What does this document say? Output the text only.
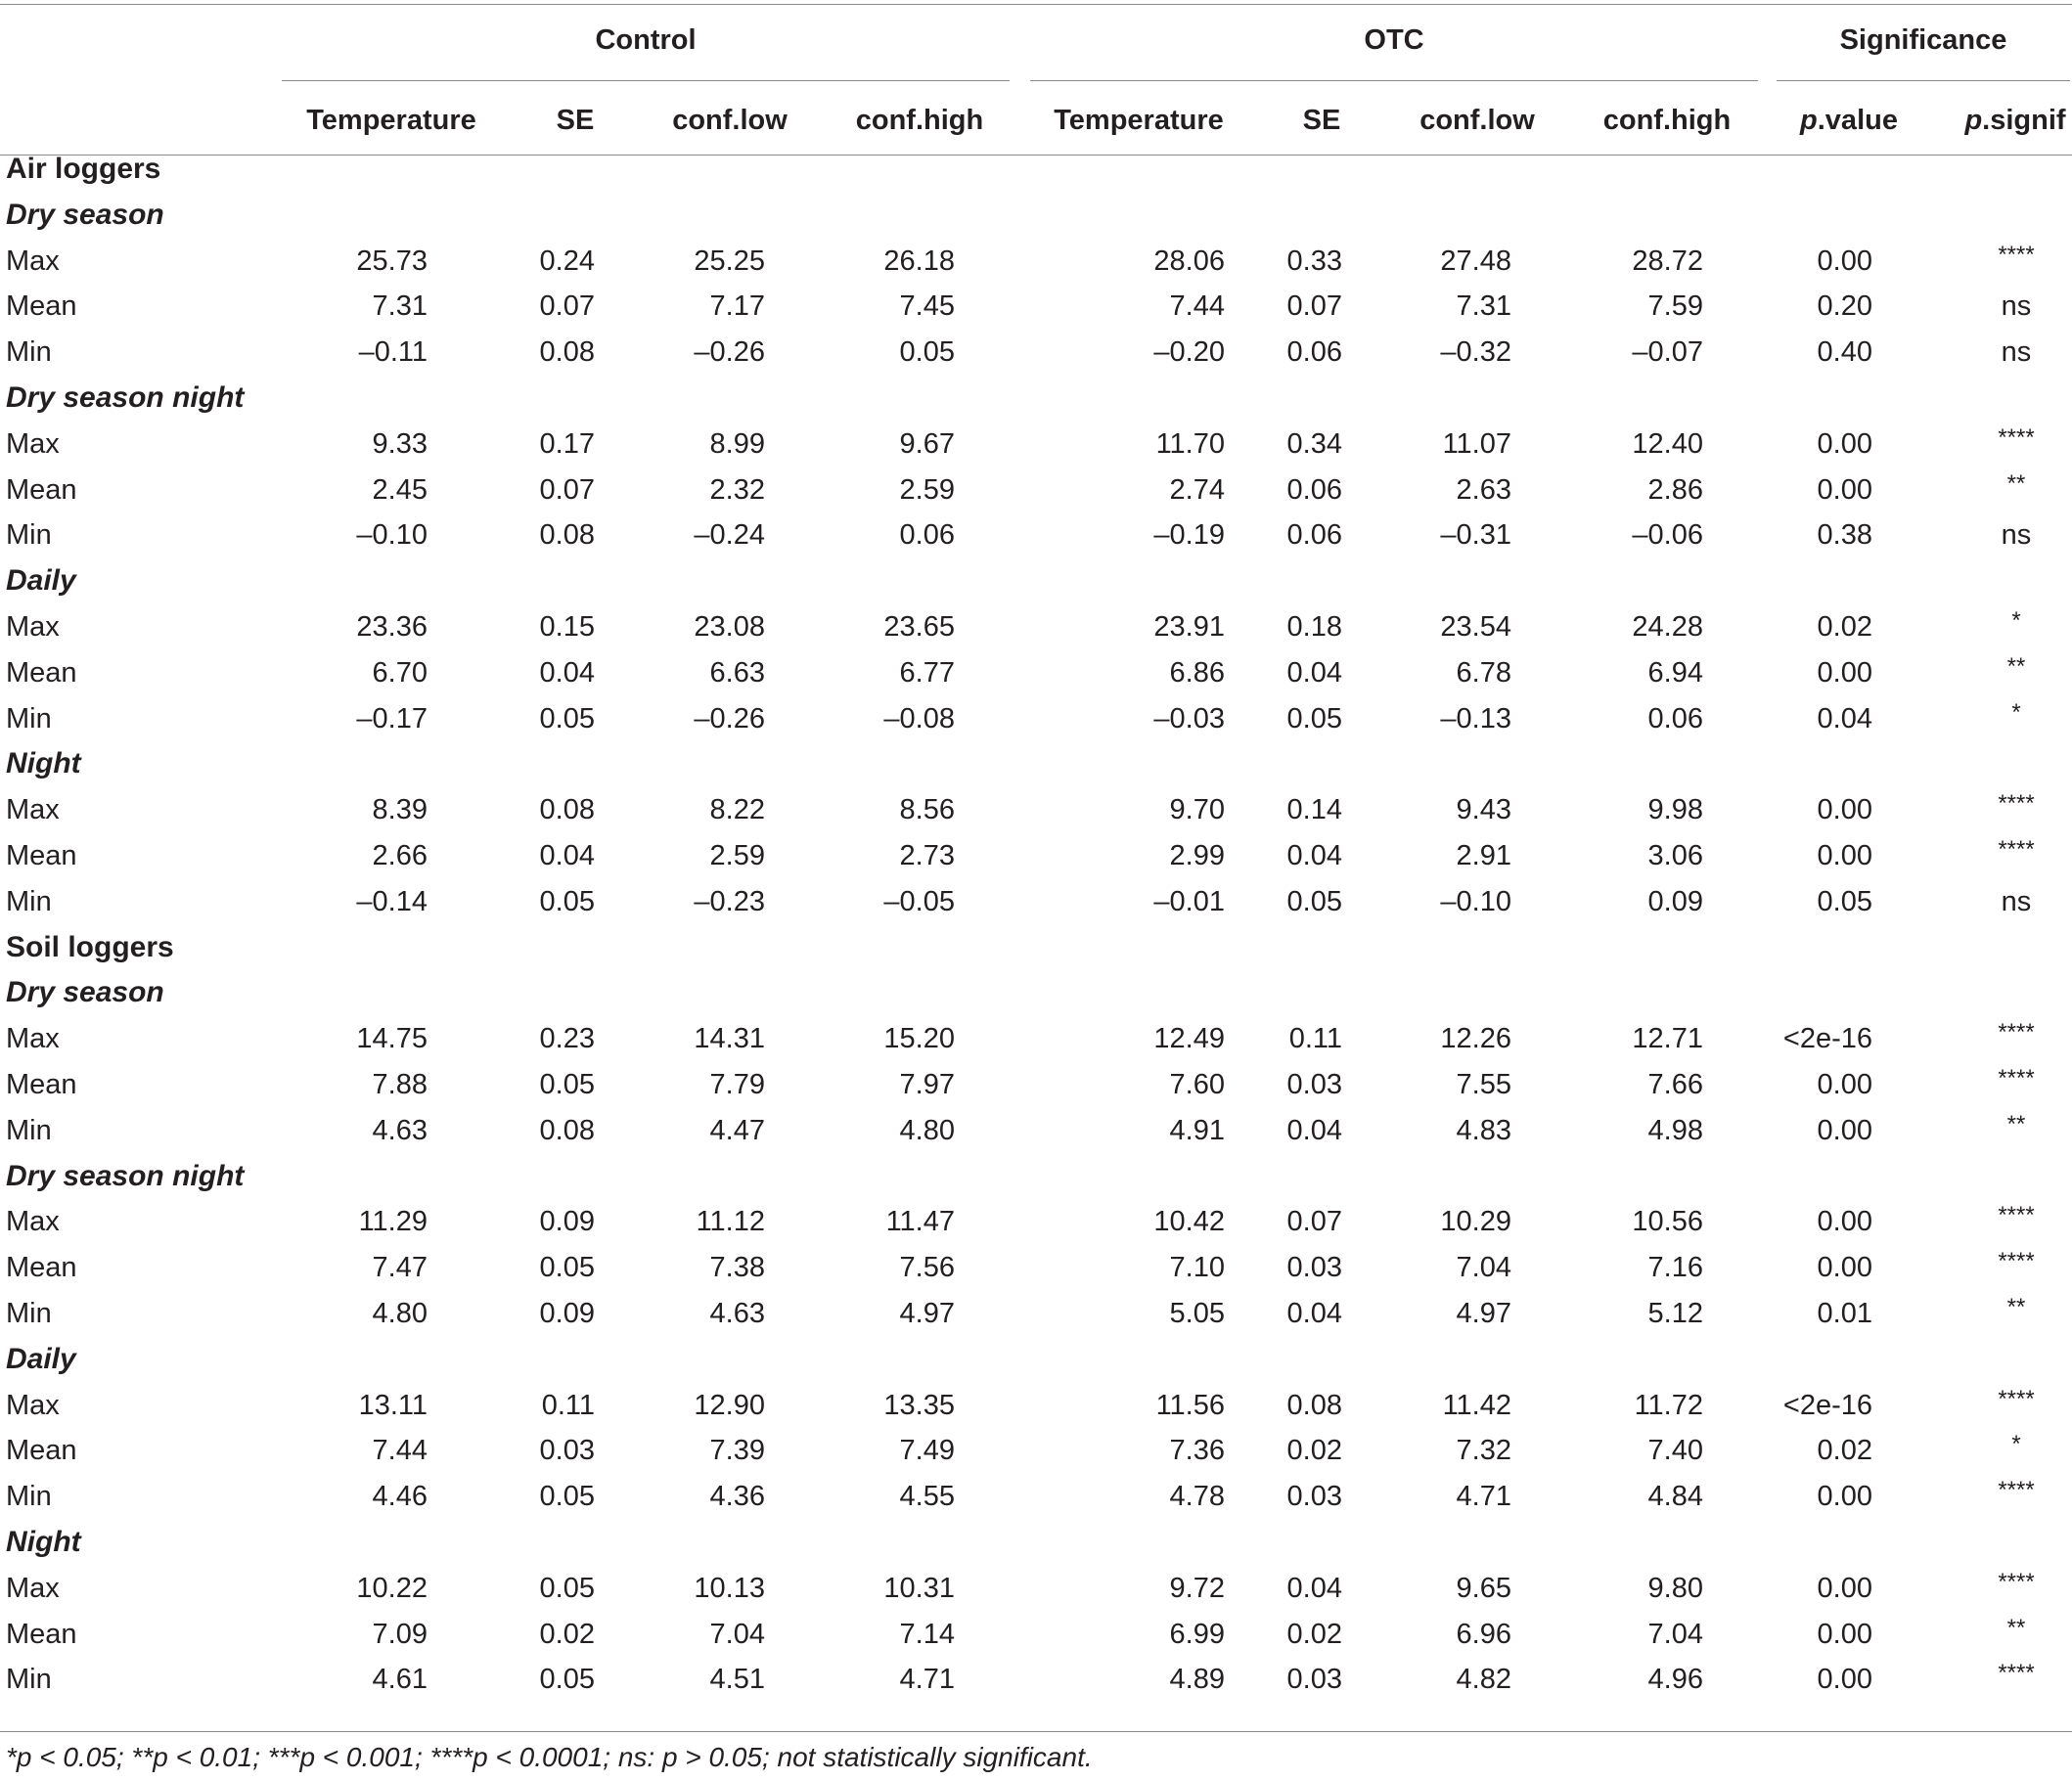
Control	OTC	Significance
Temperature	SE	conf.low	conf.high	Temperature	SE	conf.low	conf.high	p.value	p.signif
Air loggers
Dry season
Max	25.73	0.24	25.25	26.18	28.06	0.33	27.48	28.72	0.00	****
Mean	7.31	0.07	7.17	7.45	7.44	0.07	7.31	7.59	0.20	ns
Min	–0.11	0.08	–0.26	0.05	–0.20	0.06	–0.32	–0.07	0.40	ns
Dry season night
Max	9.33	0.17	8.99	9.67	11.70	0.34	11.07	12.40	0.00	****
Mean	2.45	0.07	2.32	2.59	2.74	0.06	2.63	2.86	0.00	**
Min	–0.10	0.08	–0.24	0.06	–0.19	0.06	–0.31	–0.06	0.38	ns
Daily
Max	23.36	0.15	23.08	23.65	23.91	0.18	23.54	24.28	0.02	*
Mean	6.70	0.04	6.63	6.77	6.86	0.04	6.78	6.94	0.00	**
Min	–0.17	0.05	–0.26	–0.08	–0.03	0.05	–0.13	0.06	0.04	*
Night
Max	8.39	0.08	8.22	8.56	9.70	0.14	9.43	9.98	0.00	****
Mean	2.66	0.04	2.59	2.73	2.99	0.04	2.91	3.06	0.00	****
Min	–0.14	0.05	–0.23	–0.05	–0.01	0.05	–0.10	0.09	0.05	ns
Soil loggers
Dry season
Max	14.75	0.23	14.31	15.20	12.49	0.11	12.26	12.71	<2e-16	****
Mean	7.88	0.05	7.79	7.97	7.60	0.03	7.55	7.66	0.00	****
Min	4.63	0.08	4.47	4.80	4.91	0.04	4.83	4.98	0.00	**
Dry season night
Max	11.29	0.09	11.12	11.47	10.42	0.07	10.29	10.56	0.00	****
Mean	7.47	0.05	7.38	7.56	7.10	0.03	7.04	7.16	0.00	****
Min	4.80	0.09	4.63	4.97	5.05	0.04	4.97	5.12	0.01	**
Daily
Max	13.11	0.11	12.90	13.35	11.56	0.08	11.42	11.72	<2e-16	****
Mean	7.44	0.03	7.39	7.49	7.36	0.02	7.32	7.40	0.02	*
Min	4.46	0.05	4.36	4.55	4.78	0.03	4.71	4.84	0.00	****
Night
Max	10.22	0.05	10.13	10.31	9.72	0.04	9.65	9.80	0.00	****
Mean	7.09	0.02	7.04	7.14	6.99	0.02	6.96	7.04	0.00	**
Min	4.61	0.05	4.51	4.71	4.89	0.03	4.82	4.96	0.00	****
*p < 0.05; **p < 0.01; ***p < 0.001; ****p < 0.0001; ns: p > 0.05; not statistically significant.
